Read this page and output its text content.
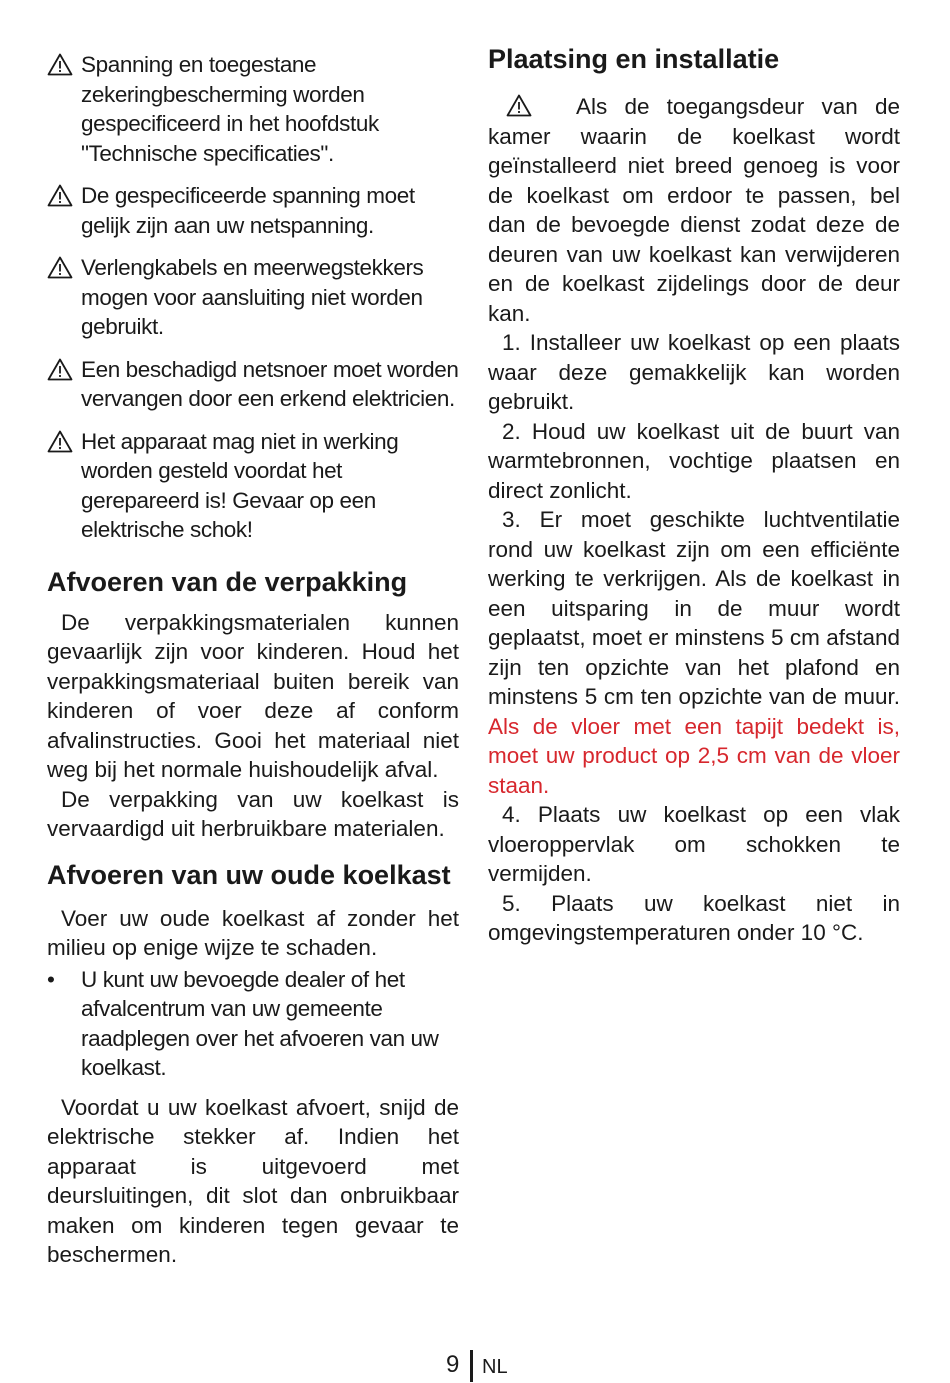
Spanning en toegestane zekeringbescherming worden gespecificeerd in het hoofdstuk "Technische specificaties".

De gespecificeerde spanning moet gelijk zijn aan uw netspanning.

Verlengkabels en meerwegstekkers mogen voor aansluiting niet worden gebruikt.

Een beschadigd netsnoer moet worden vervangen door een erkend elektricien.

Het apparaat mag niet in werking worden gesteld voordat het gerepareerd is! Gevaar op een elektrische schok!

Afvoeren van de verpakking

De verpakkingsmaterialen kunnen gevaarlijk zijn voor kinderen. Houd het verpakkingsmateriaal buiten bereik van kinderen of voer deze af conform afvalinstructies. Gooi het materiaal niet weg bij het normale huishoudelijk afval.

De verpakking van uw koelkast is vervaardigd uit herbruikbare materialen.

Afvoeren van uw oude koelkast

Voer uw oude koelkast af zonder het milieu op enige wijze te schaden.

•	U kunt uw bevoegde dealer of het afvalcentrum van uw gemeente raadplegen over het afvoeren van uw koelkast.

Voordat u uw koelkast afvoert, snijd de elektrische stekker af. Indien het apparaat is uitgevoerd met deursluitingen, dit slot dan onbruikbaar maken om kinderen tegen gevaar te beschermen.

Plaatsing en installatie

Als de toegangsdeur van de kamer waarin de koelkast wordt geïnstalleerd niet breed genoeg is voor de koelkast om erdoor te passen, bel dan de bevoegde dienst zodat deze de deuren van uw koelkast kan verwijderen en de koelkast zijdelings door de deur kan.

1. Installeer uw koelkast op een plaats waar deze gemakkelijk kan worden gebruikt.

2. Houd uw koelkast uit de buurt van warmtebronnen, vochtige plaatsen en direct zonlicht.

3. Er moet geschikte luchtventilatie rond uw koelkast zijn om een efficiënte werking te verkrijgen. Als de koelkast in een uitsparing in de muur wordt geplaatst, moet er minstens 5 cm afstand zijn ten opzichte van het plafond en minstens 5 cm ten opzichte van de muur. Als de vloer met een tapijt bedekt is, moet uw product op 2,5 cm van de vloer staan.

4. Plaats uw koelkast op een vlak vloeroppervlak om schokken te vermijden.

5. Plaats uw koelkast niet in omgevingstemperaturen onder 10 °C.

9 NL
